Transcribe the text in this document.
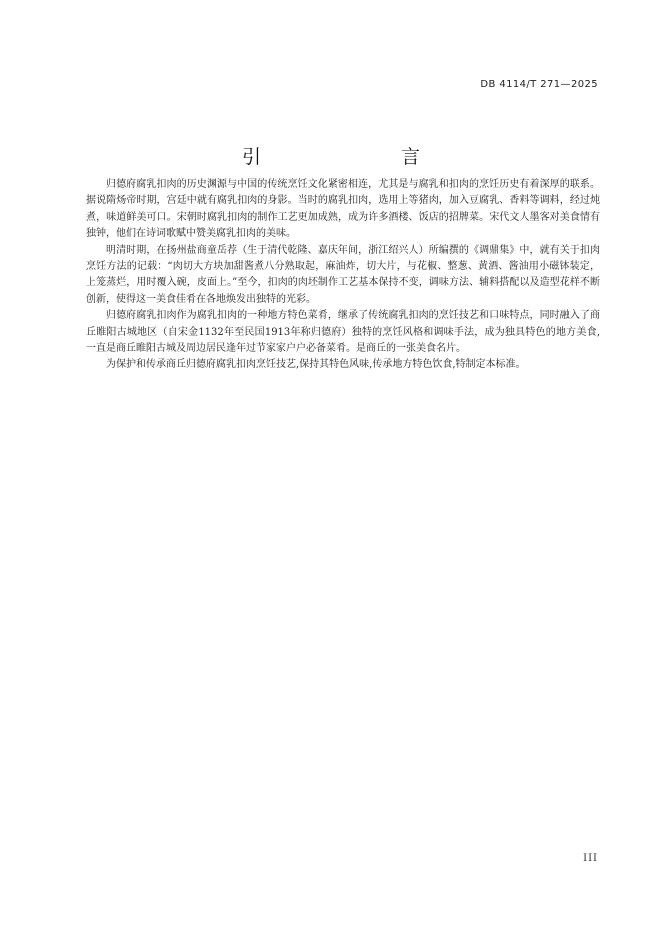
DB 4114/T 271—2025
引　　言

归德府腐乳扣肉的历史渊源与中国的传统烹饪文化紧密相连，尤其是与腐乳和扣肉的烹饪历史有着深厚的联系。据说隋炀帝时期，宫廷中就有腐乳扣肉的身影。当时的腐乳扣肉，选用上等猪肉，加入豆腐乳、香料等调料，经过炖煮，味道鲜美可口。宋朝时腐乳扣肉的制作工艺更加成熟，成为许多酒楼、饭店的招牌菜。宋代文人墨客对美食情有独钟，他们在诗词歌赋中赞美腐乳扣肉的美味。

明清时期，在扬州盐商童岳荐（生于清代乾隆、嘉庆年间，浙江绍兴人）所编撰的《调鼎集》中，就有关于扣肉烹饪方法的记载：“肉切大方块加甜酱煮八分熟取起，麻油炸，切大片，与花椒、整葱、黄酒、酱油用小磁钵装定，上笼蒸烂，用时覆入碗，皮面上。”至今，扣肉的肉坯制作工艺基本保持不变，调味方法、辅料搭配以及造型花样不断创新，使得这一美食佳肴在各地焕发出独特的光彩。

归德府腐乳扣肉作为腐乳扣肉的一种地方特色菜肴，继承了传统腐乳扣肉的烹饪技艺和口味特点，同时融入了商丘睢阳古城地区（自宋金1132年至民国1913年称归德府）独特的烹饪风格和调味手法，成为独具特色的地方美食,一直是商丘睢阳古城及周边居民逢年过节家家户户必备菜肴。是商丘的一张美食名片。

为保护和传承商丘归德府腐乳扣肉烹饪技艺,保持其特色风味,传承地方特色饮食,特制定本标准。

III
